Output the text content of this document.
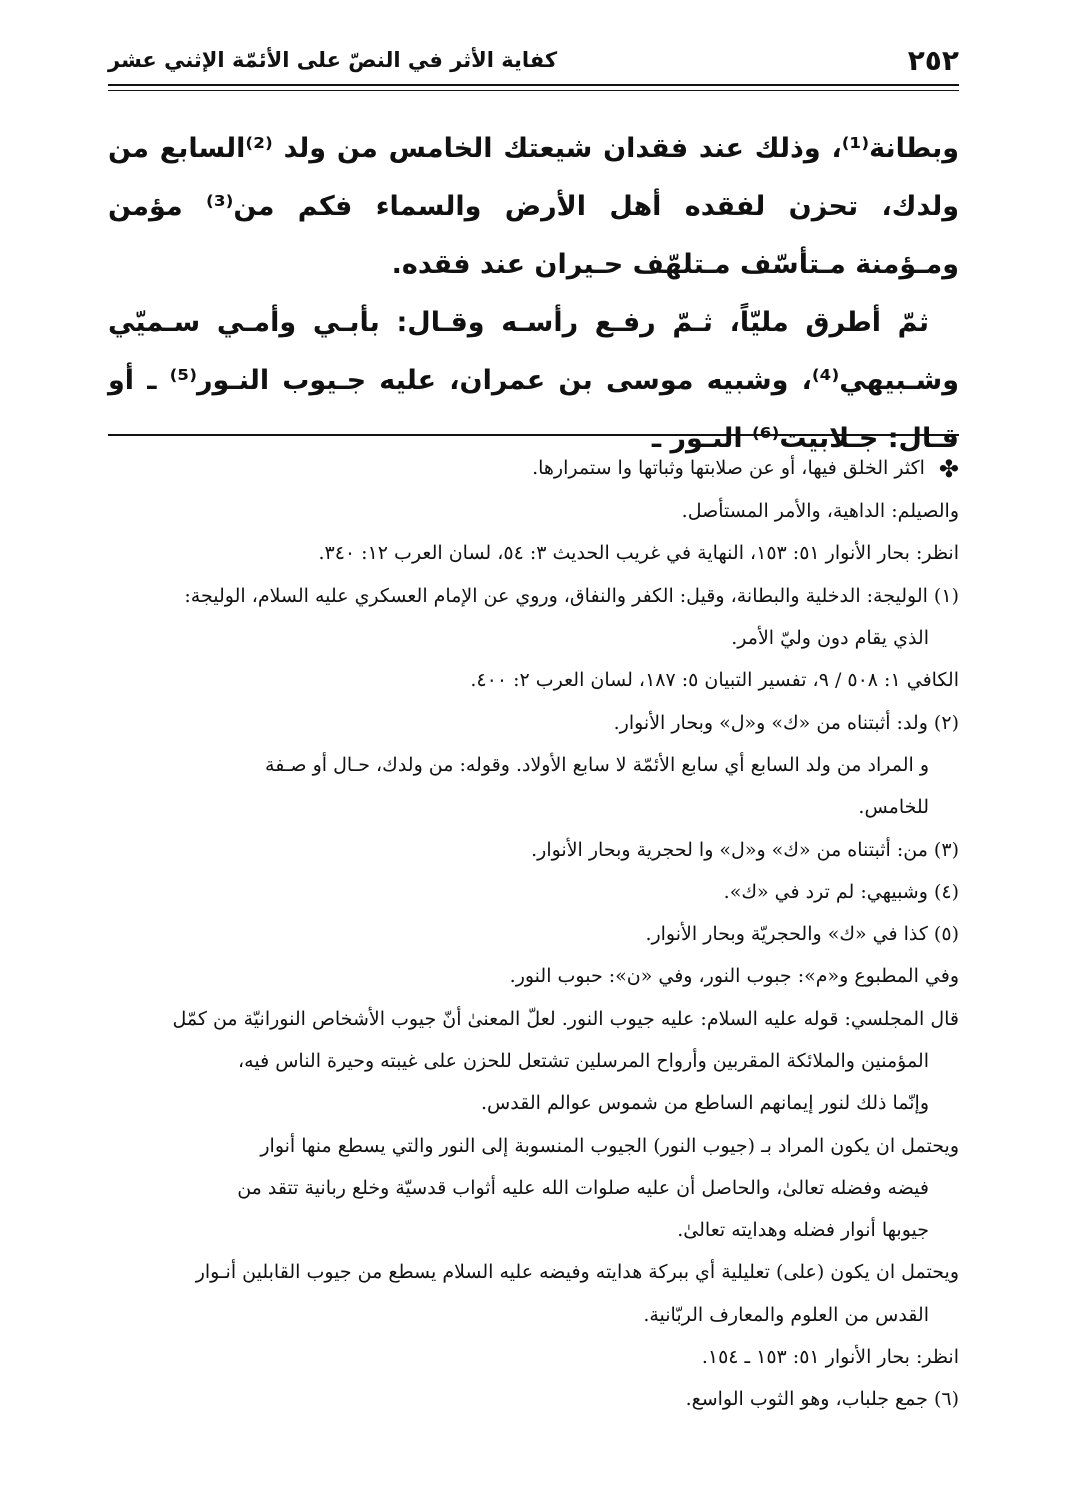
٢٥٢
كفاية الأثر في النصّ على الأئمّة الإثني عشر

وبطانة⁽¹⁾، وذلك عند فقدان شيعتك الخامس من ولد ⁽²⁾السابع من ولدك، تحزن لفقده أهل الأرض والسماء فكم من⁽³⁾ مؤمن ومـؤمنة مـتأسّف مـتلهّف حـيران عند فقده.

ثمّ أطرق مليّاً، ثـمّ رفـع رأسـه وقـال: بأبـي وأمـي سـميّي وشـبيهي⁽⁴⁾، وشبيه موسى بن عمران، عليه جـيوب النـور⁽⁵⁾ ـ أو قـال: جـلابيت⁽⁶⁾ النـور ـ

✤اكثر الخلق فيها، أو عن صلابتها وثباتها وا ستمرارها.
والصيلم: الداهية، والأمر المستأصل.
انظر: بحار الأنوار ٥١: ١٥٣، النهاية في غريب الحديث ٣: ٥٤، لسان العرب ١٢: ٣٤٠.
(١) الوليجة: الدخلية والبطانة، وقيل: الكفر والنفاق، وروي عن الإمام العسكري عليه السلام، الوليجة:
الذي يقام دون وليّ الأمر.
الكافي ١: ٥٠٨ / ٩، تفسير التبيان ٥: ١٨٧، لسان العرب ٢: ٤٠٠.
(٢) ولد: أثبتناه من «ك» و«ل» وبحار الأنوار.
و المراد من ولد السابع أي سابع الأئمّة لا سابع الأولاد. وقوله: من ولدك، حـال أو صـفة
للخامس.
(٣) من: أثبتناه من «ك» و«ل» وا لحجرية وبحار الأنوار.
(٤) وشبيهي: لم ترد في «ك».
(٥) كذا في «ك» والحجريّة وبحار الأنوار.
وفي المطبوع و«م»: جبوب النور، وفي «ن»: حبوب النور.
قال المجلسي: قوله عليه السلام: عليه جيوب النور. لعلّ المعنىٰ أنّ جيوب الأشخاص النورانيّة من كمّل
المؤمنين والملائكة المقربين وأرواح المرسلين تشتعل للحزن على غيبته وحيرة الناس فيه،
وإنّما ذلك لنور إيمانهم الساطع من شموس عوالم القدس.
ويحتمل ان يكون المراد بـ (جيوب النور) الجيوب المنسوبة إلى النور والتي يسطع منها أنوار
فيضه وفضله تعالىٰ، والحاصل أن عليه صلوات الله عليه أثواب قدسيّة وخلع ربانية تتقد من
جيوبها أنوار فضله وهدايته تعالىٰ.
ويحتمل ان يكون (على) تعليلية أي ببركة هدايته وفيضه عليه السلام يسطع من جيوب القابلين أنـوار
القدس من العلوم والمعارف الربّانية.
انظر: بحار الأنوار ٥١: ١٥٣ ـ ١٥٤.
(٦) جمع جلباب، وهو الثوب الواسع.
